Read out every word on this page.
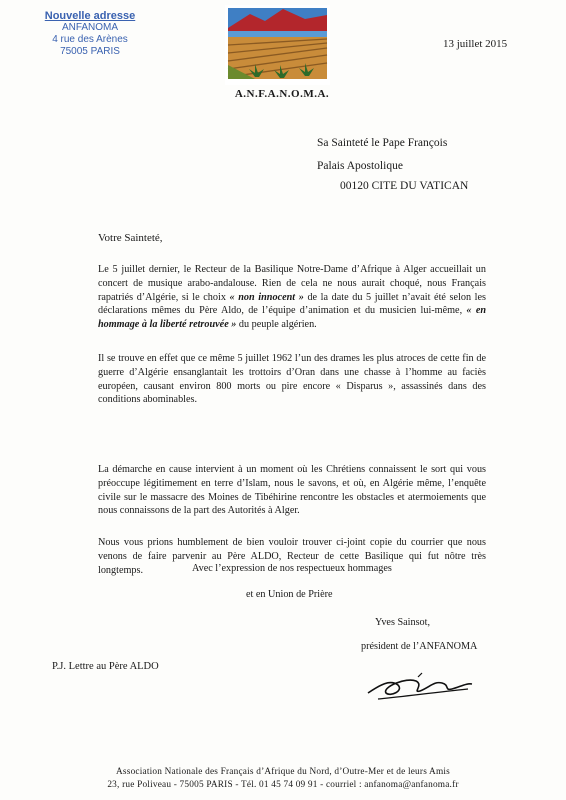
Nouvelle adresse
ANFANOMA
4 rue des Arènes
75005 PARIS
A.N.F.A.N.O.M.A.
13 juillet 2015
Sa Sainteté le Pape François
Palais Apostolique
00120 CITE DU VATICAN
Votre Sainteté,
Le 5 juillet dernier, le Recteur de la Basilique Notre-Dame d’Afrique à Alger accueillait un concert de musique arabo-andalouse. Rien de cela ne nous aurait choqué, nous Français rapatriés d’Algérie, si le choix « non innocent » de la date du 5 juillet n’avait été selon les déclarations mêmes du Père Aldo, de l’équipe d’animation et du musicien lui-même, « en hommage à la liberté retrouvée » du peuple algérien.
Il se trouve en effet que ce même 5 juillet 1962 l’un des drames les plus atroces de cette fin de guerre d’Algérie ensanglantait les trottoirs d’Oran dans une chasse à l’homme au faciès européen, causant environ 800 morts ou pire encore « Disparus », assassinés dans des conditions abominables.
La démarche en cause intervient à un moment où les Chrétiens connaissent le sort qui vous préoccupe légitimement en terre d’Islam, nous le savons, et où, en Algérie même, l’enquête civile sur le massacre des Moines de Tibéhirine rencontre les obstacles et atermoiements que nous connaissons de la part des Autorités à Alger.
Nous vous prions humblement de bien vouloir trouver ci-joint copie du courrier que nous venons de faire parvenir au Père ALDO, Recteur de cette Basilique qui fut nôtre très longtemps.	Avec l’expression de nos respectueux hommages
et en Union de Prière
Yves Sainsot,
président de l’ANFANOMA
P.J. Lettre au Père ALDO
Association Nationale des Français d’Afrique du Nord, d’Outre-Mer et de leurs Amis
23, rue Poliveau - 75005 PARIS - Tél. 01 45 74 09 91 - courriel : anfanoma@anfanoma.fr
